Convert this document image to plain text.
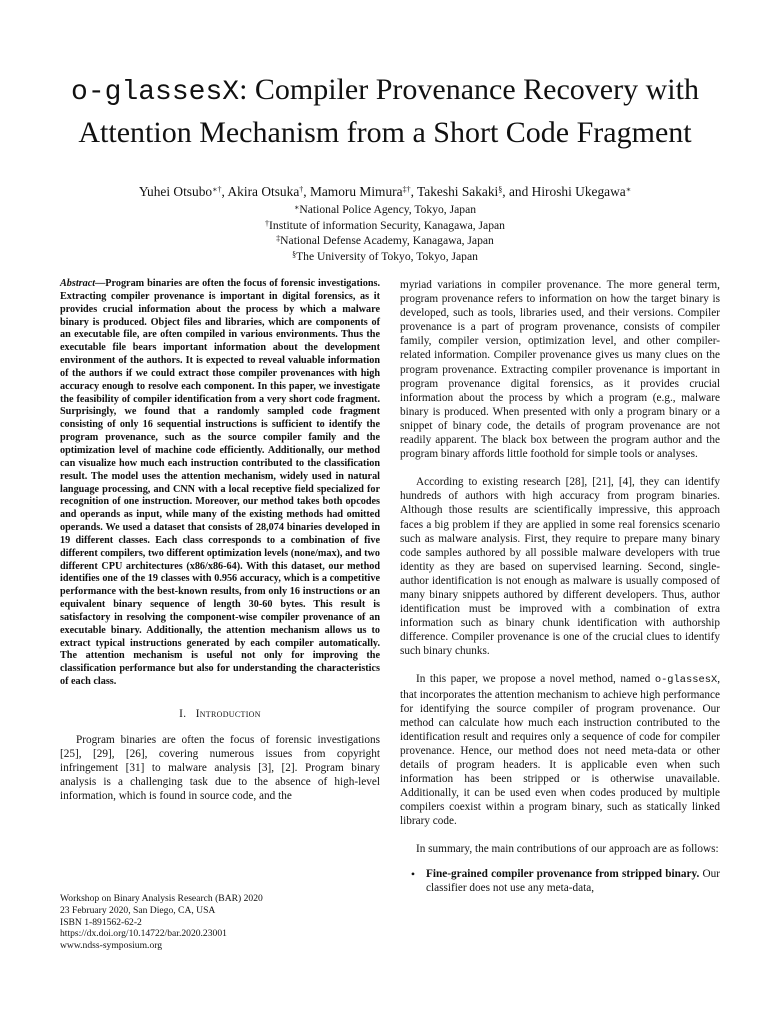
o-glassesX: Compiler Provenance Recovery with
Attention Mechanism from a Short Code Fragment
Yuhei Otsubo∗†, Akira Otsuka†, Mamoru Mimura‡†, Takeshi Sakaki§, and Hiroshi Ukegawa∗
∗National Police Agency, Tokyo, Japan
†Institute of information Security, Kanagawa, Japan
‡National Defense Academy, Kanagawa, Japan
§The University of Tokyo, Tokyo, Japan
Abstract—Program binaries are often the focus of forensic investigations. Extracting compiler provenance is important in digital forensics, as it provides crucial information about the process by which a malware binary is produced. Object files and libraries, which are components of an executable file, are often compiled in various environments. Thus the executable file bears important information about the development environment of the authors. It is expected to reveal valuable information of the authors if we could extract those compiler provenances with high accuracy enough to resolve each component. In this paper, we investigate the feasibility of compiler identification from a very short code fragment. Surprisingly, we found that a randomly sampled code fragment consisting of only 16 sequential instructions is sufficient to identify the program provenance, such as the source compiler family and the optimization level of machine code efficiently. Additionally, our method can visualize how much each instruction contributed to the classification result. The model uses the attention mechanism, widely used in natural language processing, and CNN with a local receptive field specialized for recognition of one instruction. Moreover, our method takes both opcodes and operands as input, while many of the existing methods had omitted operands. We used a dataset that consists of 28,074 binaries developed in 19 different classes. Each class corresponds to a combination of five different compilers, two different optimization levels (none/max), and two different CPU architectures (x86/x86-64). With this dataset, our method identifies one of the 19 classes with 0.956 accuracy, which is a competitive performance with the best-known results, from only 16 instructions or an equivalent binary sequence of length 30-60 bytes. This result is satisfactory in resolving the component-wise compiler provenance of an executable binary. Additionally, the attention mechanism allows us to extract typical instructions generated by each compiler automatically. The attention mechanism is useful not only for improving the classification performance but also for understanding the characteristics of each class.
I. Introduction

Program binaries are often the focus of forensic investigations [25], [29], [26], covering numerous issues from copyright infringement [31] to malware analysis [3], [2]. Program binary analysis is a challenging task due to the absence of high-level information, which is found in source code, and the

Workshop on Binary Analysis Research (BAR) 2020
23 February 2020, San Diego, CA, USA
ISBN 1-891562-62-2
https://dx.doi.org/10.14722/bar.2020.23001
www.ndss-symposium.org

myriad variations in compiler provenance. The more general term, program provenance refers to information on how the target binary is developed, such as tools, libraries used, and their versions. Compiler provenance is a part of program provenance, consists of compiler family, compiler version, optimization level, and other compiler-related information. Compiler provenance gives us many clues on the program provenance. Extracting compiler provenance is important in program provenance digital forensics, as it provides crucial information about the process by which a program (e.g., malware binary is produced. When presented with only a program binary or a snippet of binary code, the details of program provenance are not readily apparent. The black box between the program author and the program binary affords little foothold for simple tools or analyses.

According to existing research [28], [21], [4], they can identify hundreds of authors with high accuracy from program binaries. Although those results are scientifically impressive, this approach faces a big problem if they are applied in some real forensics scenario such as malware analysis. First, they require to prepare many binary code samples authored by all possible malware developers with true identity as they are based on supervised learning. Second, single-author identification is not enough as malware is usually composed of many binary snippets authored by different developers. Thus, author identification must be improved with a combination of extra information such as binary chunk identification with authorship difference. Compiler provenance is one of the crucial clues to identify such binary chunks.

In this paper, we propose a novel method, named o-glassesX, that incorporates the attention mechanism to achieve high performance for identifying the source compiler of program provenance. Our method can calculate how much each instruction contributed to the identification result and requires only a sequence of code for compiler provenance. Hence, our method does not need meta-data or other details of program headers. It is applicable even when such information has been stripped or is otherwise unavailable. Additionally, it can be used even when codes produced by multiple compilers coexist within a program binary, such as statically linked library code.

In summary, the main contributions of our approach are as follows:

• Fine-grained compiler provenance from stripped binary. Our classifier does not use any meta-data,
